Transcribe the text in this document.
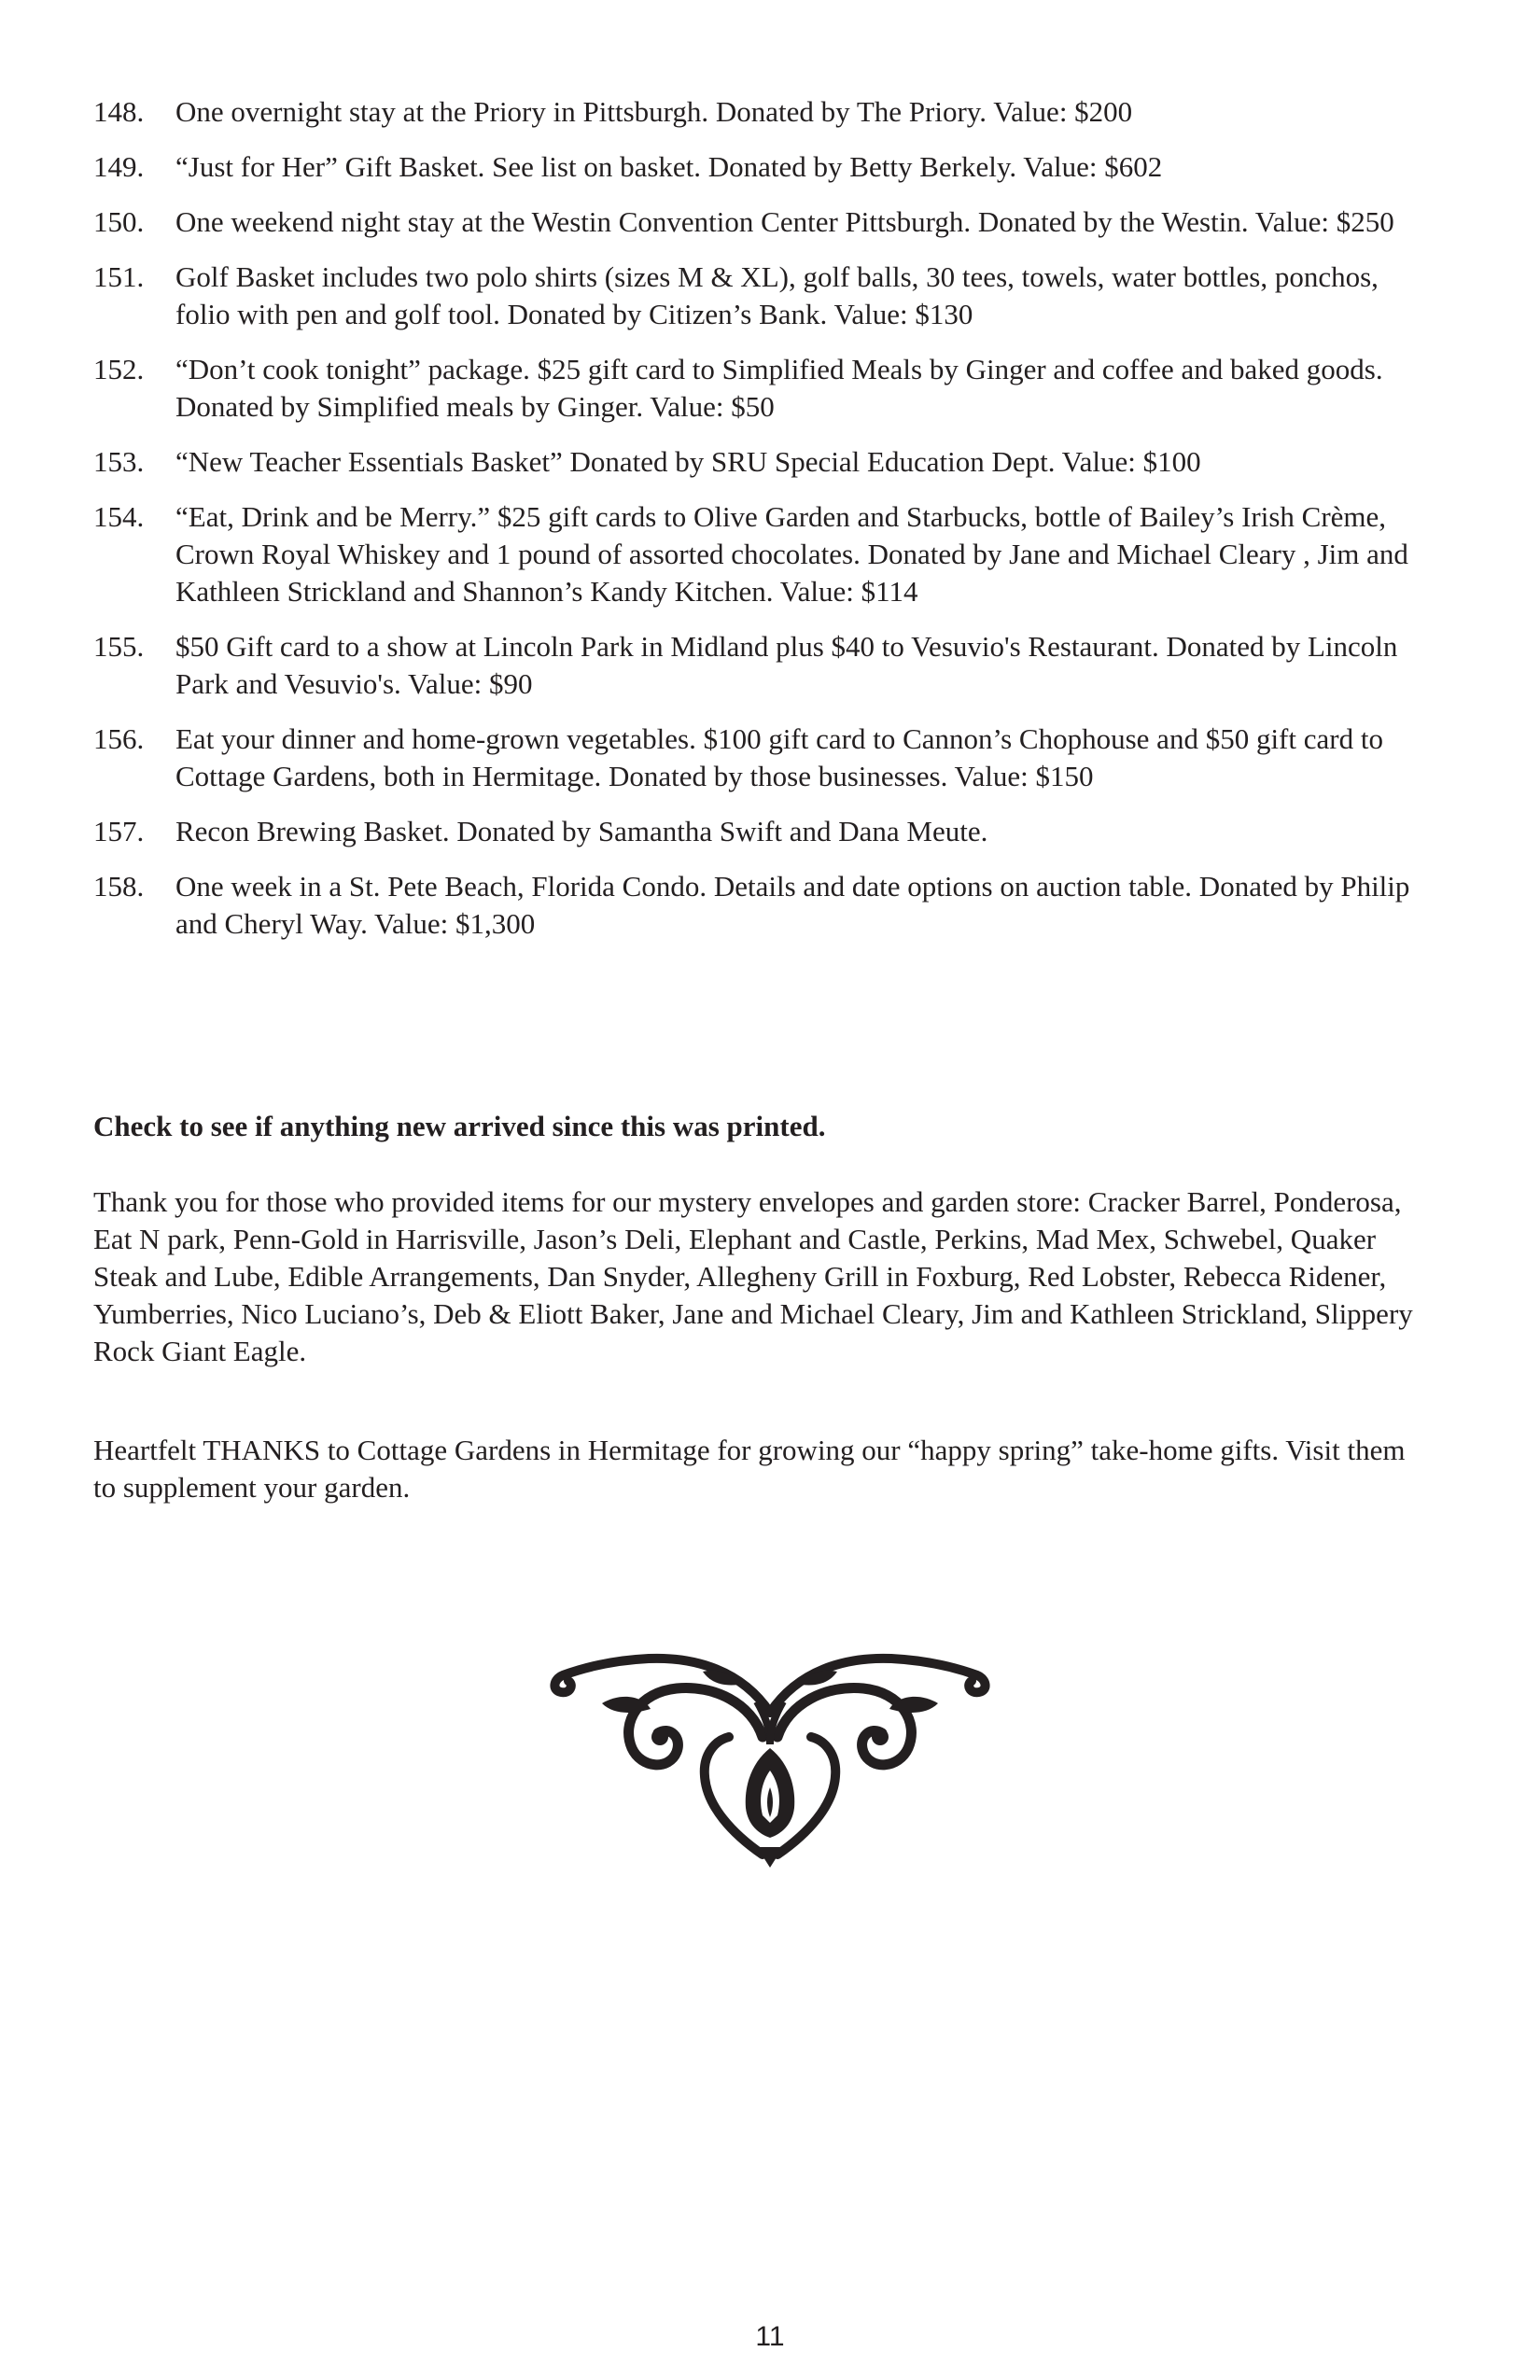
148.	One overnight stay at the Priory in Pittsburgh. Donated by The Priory. Value: $200
149.	“Just for Her” Gift Basket. See list on basket. Donated by Betty Berkely. Value: $602
150.	One weekend night stay at the Westin Convention Center Pittsburgh. Donated by the Westin. Value: $250
151.	Golf Basket includes two polo shirts (sizes M & XL), golf balls, 30 tees, towels, water bottles, ponchos, folio with pen and golf tool. Donated by Citizen’s Bank. Value: $130
152.	“Don’t cook tonight” package. $25 gift card to Simplified Meals by Ginger and coffee and baked goods. Donated by Simplified meals by Ginger. Value: $50
153.	“New Teacher Essentials Basket” Donated by SRU Special Education Dept. Value: $100
154.	“Eat, Drink and be Merry.” $25 gift cards to Olive Garden and Starbucks, bottle of Bailey’s Irish Crème, Crown Royal Whiskey and 1 pound of assorted chocolates. Donated by Jane and Michael Cleary , Jim and Kathleen Strickland and Shannon’s Kandy Kitchen. Value: $114
155.	$50 Gift card to a show at Lincoln Park in Midland plus $40 to Vesuvio's Restaurant. Donated by Lincoln Park and Vesuvio's. Value: $90
156.	Eat your dinner and home-grown vegetables. $100 gift card to Cannon’s Chophouse and $50 gift card to Cottage Gardens, both in Hermitage. Donated by those businesses. Value: $150
157.	Recon Brewing Basket. Donated by Samantha Swift and Dana Meute.
158.	One week in a St. Pete Beach, Florida Condo. Details and date options on auction table. Donated by Philip and Cheryl Way. Value: $1,300

Check to see if anything new arrived since this was printed.

Thank you for those who provided items for our mystery envelopes and garden store: Cracker Barrel, Ponderosa, Eat N park, Penn-Gold in Harrisville, Jason’s Deli, Elephant and Castle, Perkins, Mad Mex, Schwebel, Quaker Steak and Lube, Edible Arrangements, Dan Snyder, Allegheny Grill in Foxburg, Red Lobster, Rebecca Ridener, Yumberries, Nico Luciano’s, Deb & Eliott Baker, Jane and Michael Cleary, Jim and Kathleen Strickland, Slippery Rock Giant Eagle.

Heartfelt THANKS to Cottage Gardens in Hermitage for growing our “happy spring” take-home gifts. Visit them to supplement your garden.

11
